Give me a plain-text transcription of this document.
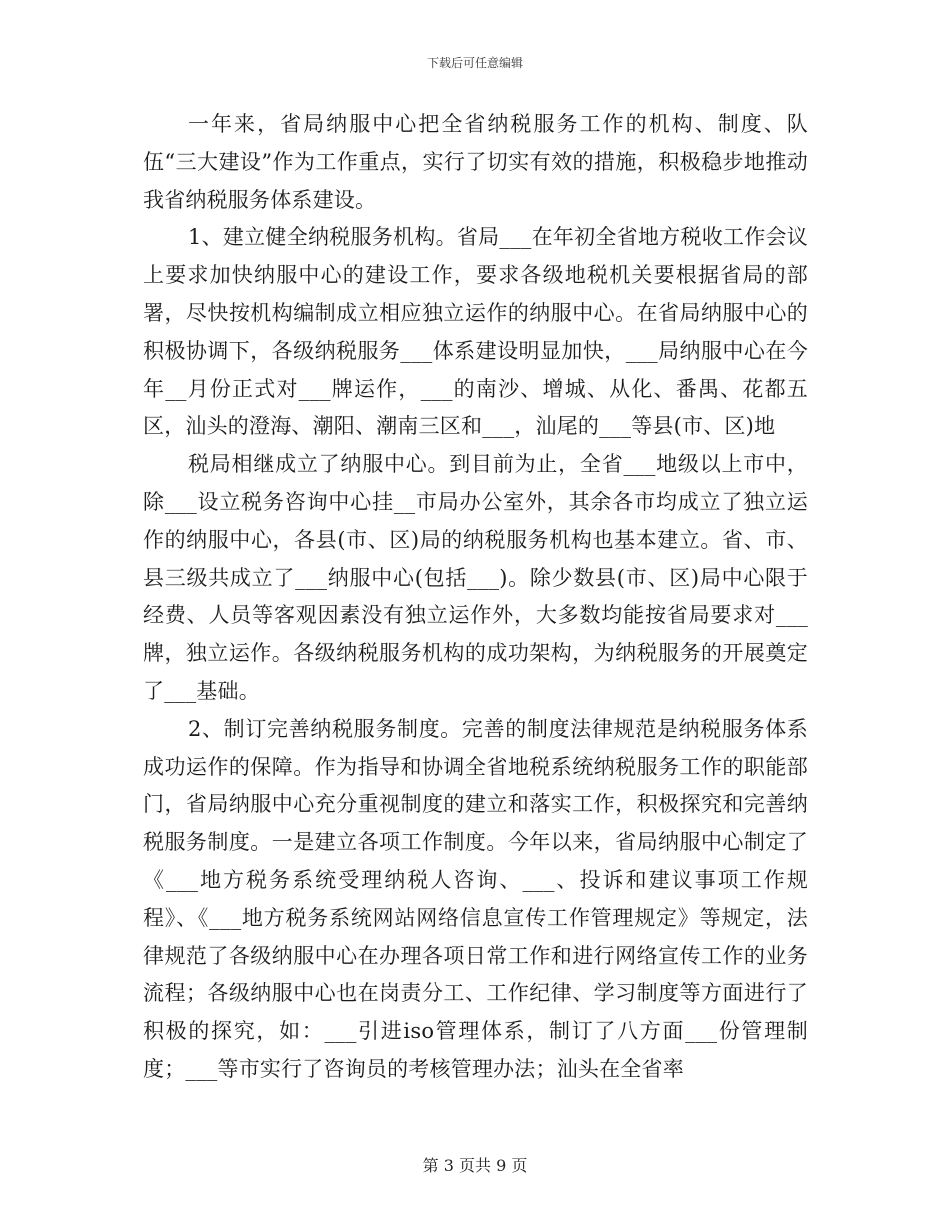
下载后可任意编辑

一年来，省局纳服中心把全省纳税服务工作的机构、制度、队伍“三大建设”作为工作重点，实行了切实有效的措施，积极稳步地推动我省纳税服务体系建设。

1、建立健全纳税服务机构。省局___在年初全省地方税收工作会议上要求加快纳服中心的建设工作，要求各级地税机关要根据省局的部署，尽快按机构编制成立相应独立运作的纳服中心。在省局纳服中心的积极协调下，各级纳税服务___体系建设明显加快，___局纳服中心在今年__月份正式对___牌运作，___的南沙、增城、从化、番禺、花都五区，汕头的澄海、潮阳、潮南三区和___，汕尾的___等县(市、区)地

税局相继成立了纳服中心。到目前为止，全省___地级以上市中，除___设立税务咨询中心挂__市局办公室外，其余各市均成立了独立运作的纳服中心，各县(市、区)局的纳税服务机构也基本建立。省、市、县三级共成立了___纳服中心(包括___)。除少数县(市、区)局中心限于经费、人员等客观因素没有独立运作外，大多数均能按省局要求对___牌，独立运作。各级纳税服务机构的成功架构，为纳税服务的开展奠定了___基础。

2、制订完善纳税服务制度。完善的制度法律规范是纳税服务体系成功运作的保障。作为指导和协调全省地税系统纳税服务工作的职能部门，省局纳服中心充分重视制度的建立和落实工作，积极探究和完善纳税服务制度。一是建立各项工作制度。今年以来，省局纳服中心制定了《___地方税务系统受理纳税人咨询、___、投诉和建议事项工作规程》、《___地方税务系统网站网络信息宣传工作管理规定》等规定，法律规范了各级纳服中心在办理各项日常工作和进行网络宣传工作的业务流程；各级纳服中心也在岗责分工、工作纪律、学习制度等方面进行了积极的探究，如：___引进iso管理体系，制订了八方面___份管理制度；___等市实行了咨询员的考核管理办法；汕头在全省率

第 3 页共 9 页
